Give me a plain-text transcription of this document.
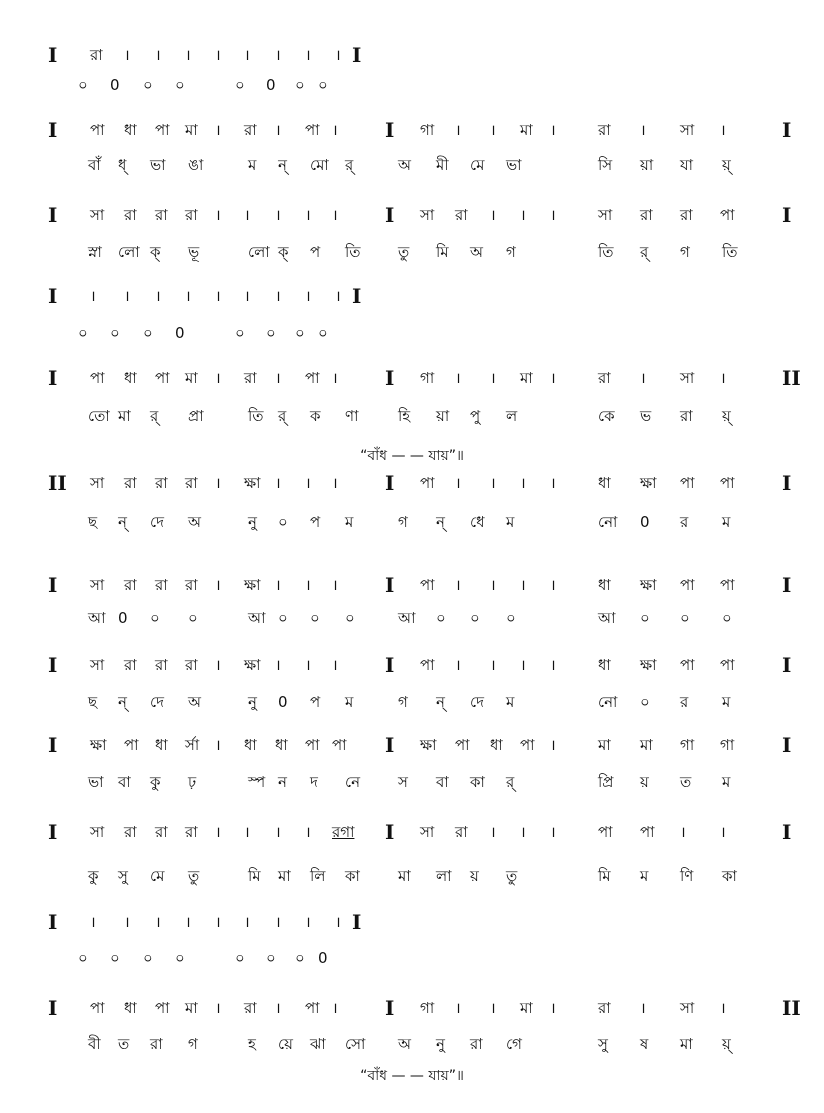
I রা । । । । । । । । I
০ 0 ০ ০	০ 0 ০ ০
I পা ধা পা মা । রা । পা । I গা । । মা ।	রা । সা ।	I
বাঁ ধ্ ভা ঙা	ম ন্ মো র্	অ মী মে ভা	সি য়া যা য়্
I সা রা রা রা । । । । । I সা রা । । ।	সা রা রা পা I
স্না লো ক্ ভূ	লো ক্ প তি তু মি অ গ	তি র্ গ তি
I । । । । । । । । । I
০ ০ ০ 0	০ ০ ০ ০
I পা ধা পা মা । রা । পা । I গা । । মা ।	রা । সা ।	II
তো মা র্ প্রা	তি র্ ক ণা	হি য়া পু ল	কে ভ রা য়্
“বাঁধ — — যায়”॥
II সা রা রা রা । ক্ষা । । । I পা । । । ।	ধা ক্ষা পা পা I
ছ ন্ দে অ	নু ০ প ম	গ ন্ ধে ম	নো 0 র ম
I সা রা রা রা । ক্ষা । । । I পা । । । ।	ধা ক্ষা পা পা I
আ 0 ০ ০	আ ০ ০ ০	আ ০ ০ ০	আ ০ ০ ০
I সা রা রা রা । ক্ষা । । । I পা । । । ।	ধা ক্ষা পা পা I
ছ ন্ দে অ	নু 0 প ম	গ ন্ দে ম	নো ০ র ম
I ক্ষা পা ধা র্সা । ধা ধা পা পা I ক্ষা পা ধা পা ।	মা মা গা গা I
ভা বা কু ঢ়	স্প ন দ নে	স বা কা র্	প্রি য় ত ম
I সা রা রা রা । । । । রগা I সা রা । । ।	পা পা । ।	I
কু সু মে তু	মি মা লি কা	মা লা য় তু	মি ম ণি কা
I । । । । । । । । । I
০ ০ ০ ০	০ ০ ০ 0
I পা ধা পা মা । রা । পা । I গা । । মা ।	রা । সা ।	II
বী ত রা গ	হ য়ে ঝা সো অ নু রা গে	সু ষ মা য়্
“বাঁধ — — যায়”॥
